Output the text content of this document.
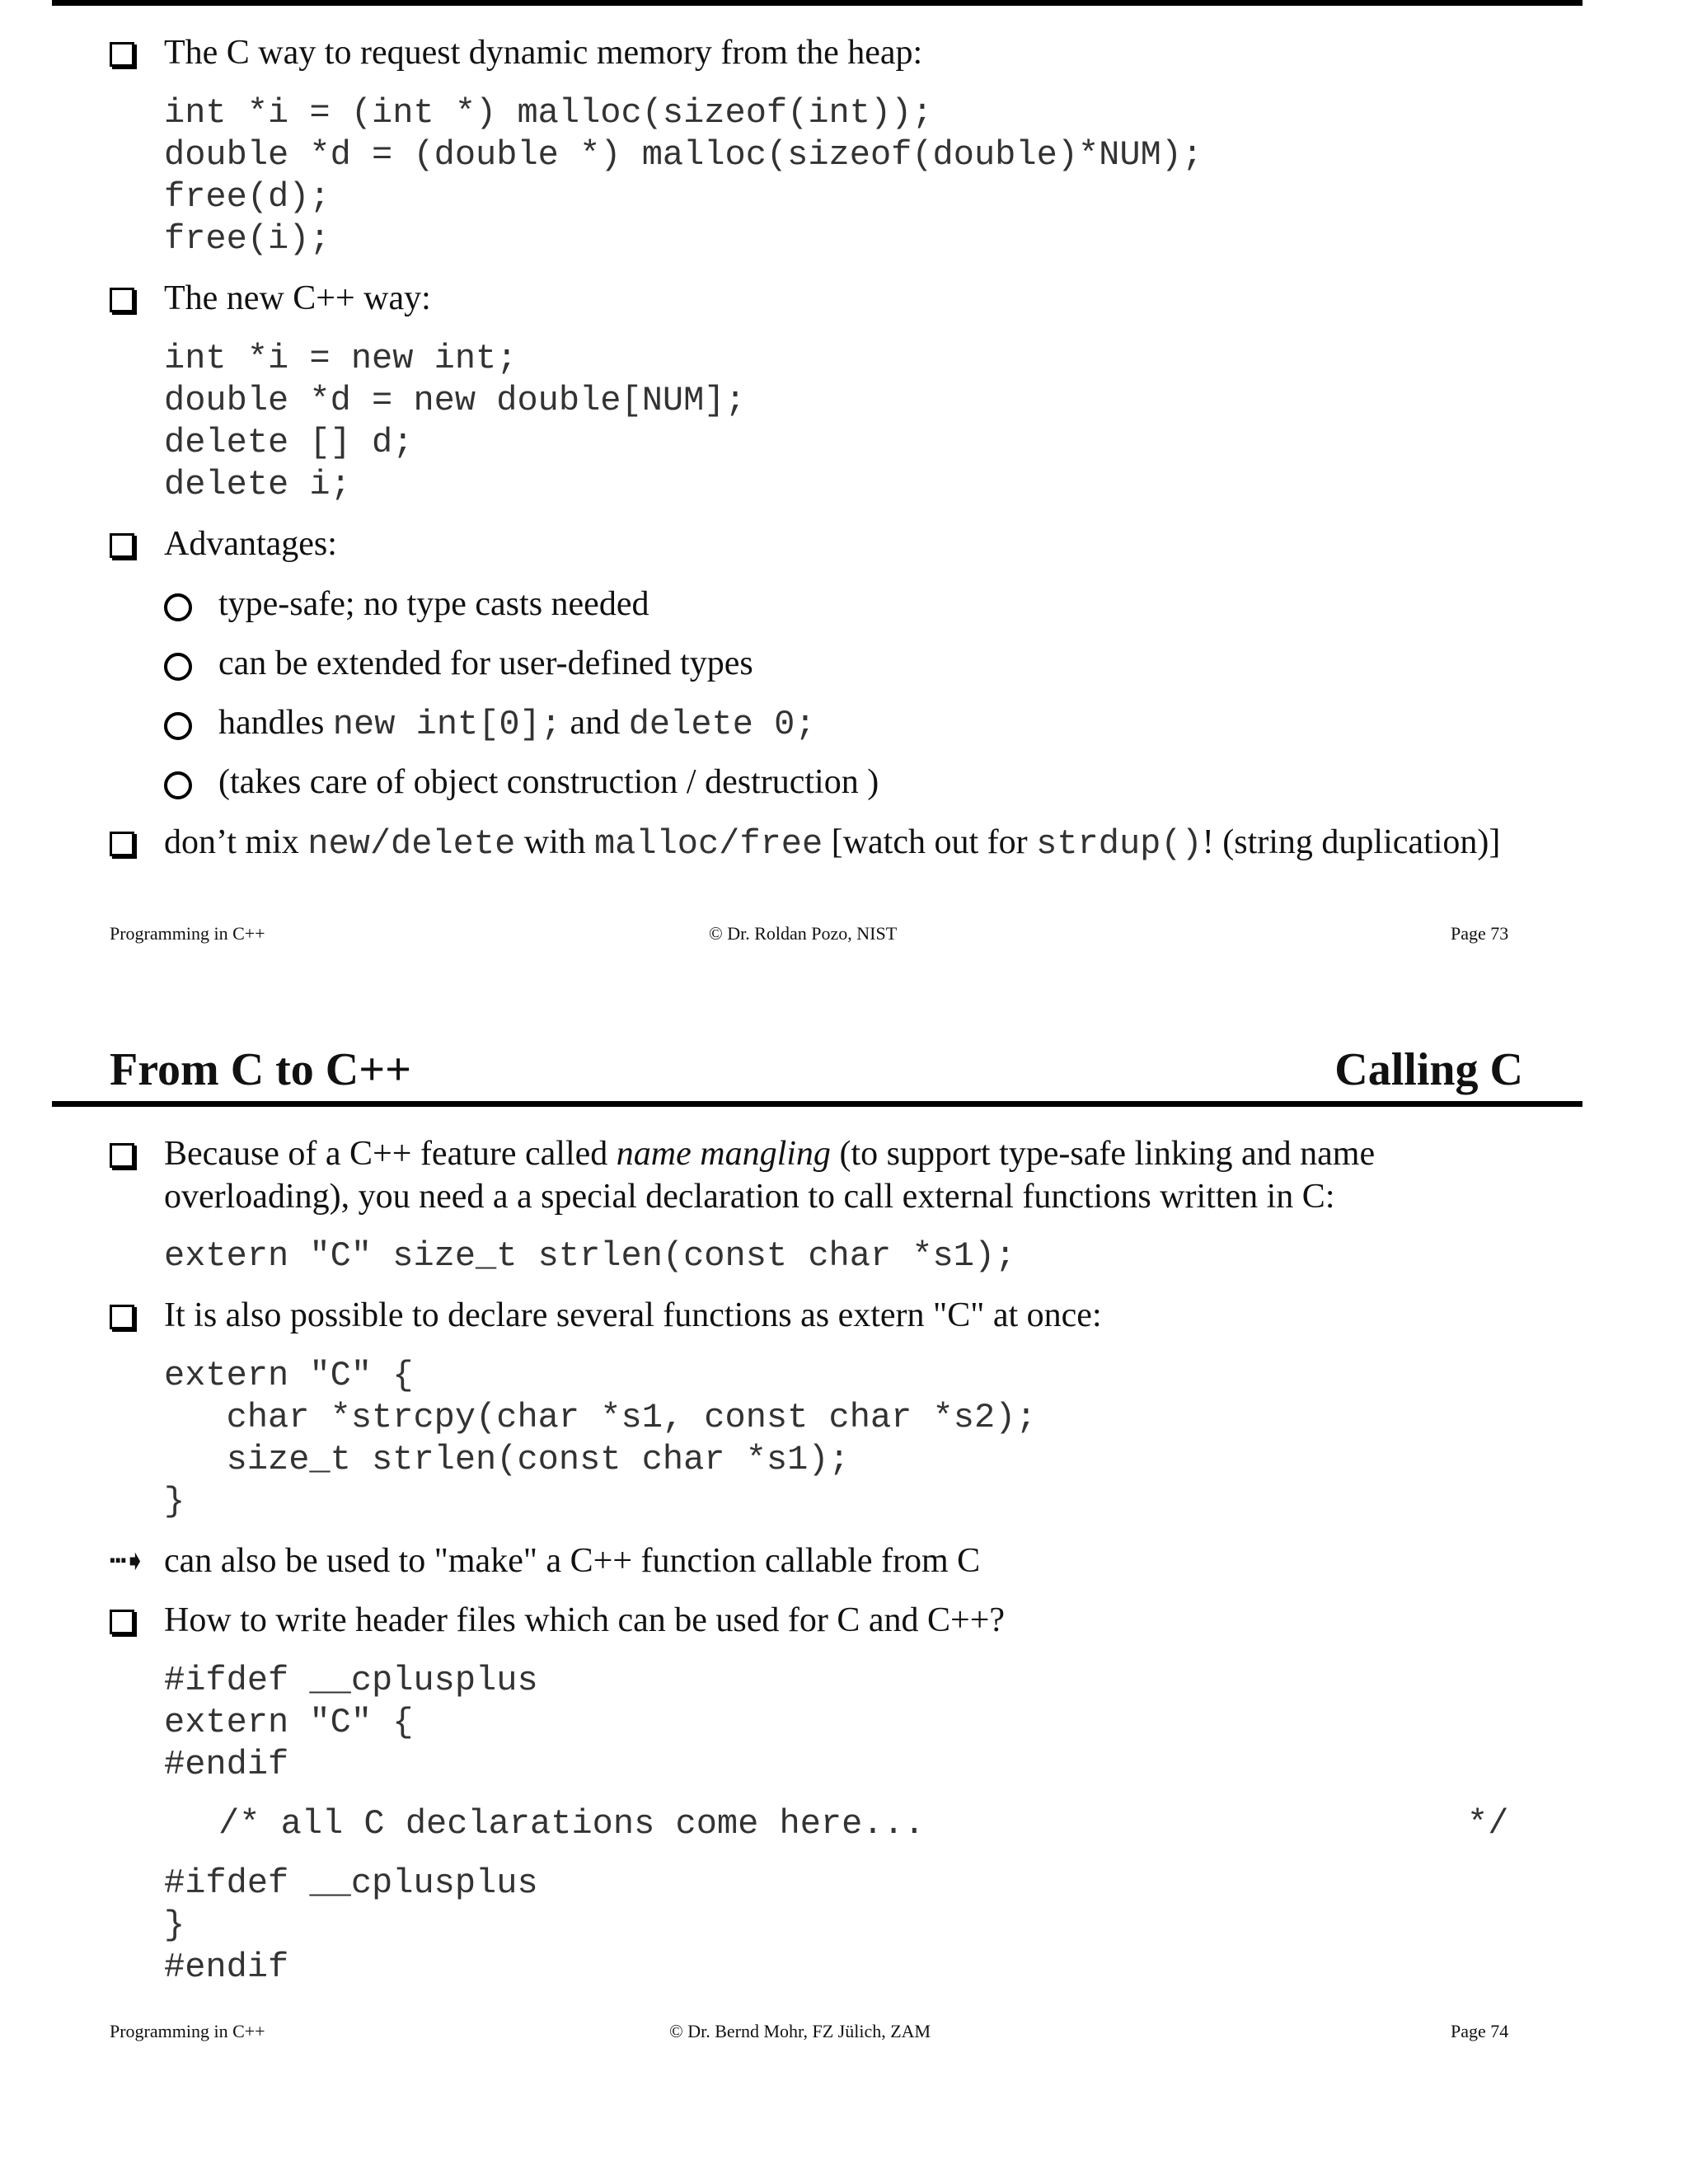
The C way to request dynamic memory from the heap:
int *i = (int *) malloc(sizeof(int));
double *d = (double *) malloc(sizeof(double)*NUM);
free(d);
free(i);
The new C++ way:
int *i = new int;
double *d = new double[NUM];
delete [] d;
delete i;
Advantages:
type-safe; no type casts needed
can be extended for user-defined types
handles new int[0]; and delete 0;
(takes care of object construction / destruction )
don’t mix new/delete with malloc/free [watch out for strdup()! (string duplication)]
Programming in C++	© Dr. Roldan Pozo, NIST	Page 73
From C to C++	Calling C
Because of a C++ feature called name mangling (to support type-safe linking and name overloading), you need a a special declaration to call external functions written in C:
extern "C" size_t strlen(const char *s1);
It is also possible to declare several functions as extern "C" at once:
extern "C" {
char *strcpy(char *s1, const char *s2);
size_t strlen(const char *s1);
}
┅➧ can also be used to "make" a C++ function callable from C
How to write header files which can be used for C and C++?
#ifdef __cplusplus
extern "C" {
#endif
/* all C declarations come here...	*/
#ifdef __cplusplus
}
#endif
Programming in C++	© Dr. Bernd Mohr, FZ Jülich, ZAM	Page 74
